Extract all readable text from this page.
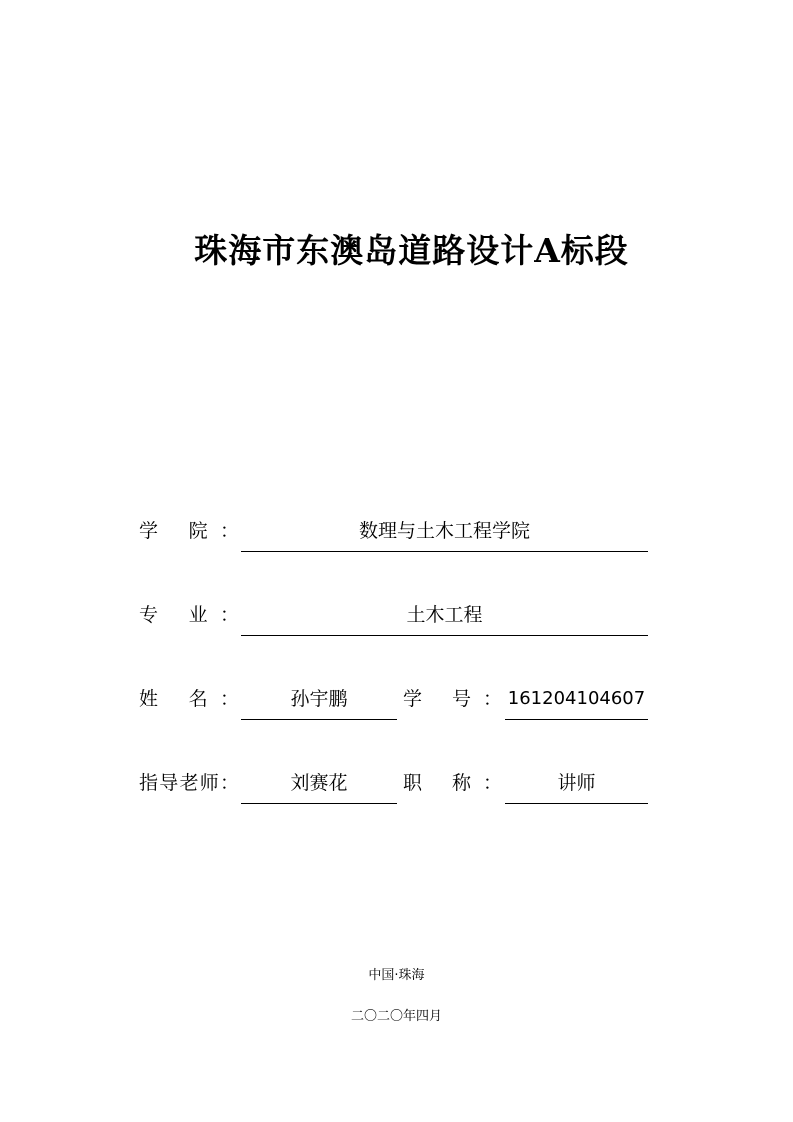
珠海市东澳岛道路设计A标段
学 院：	数理与土木工程学院
专 业：	土木工程
姓 名：	孙宇鹏	学 号： 161204104607
指导老师：	刘赛花	职 称：	讲师
中国·珠海
二〇二〇年四月
